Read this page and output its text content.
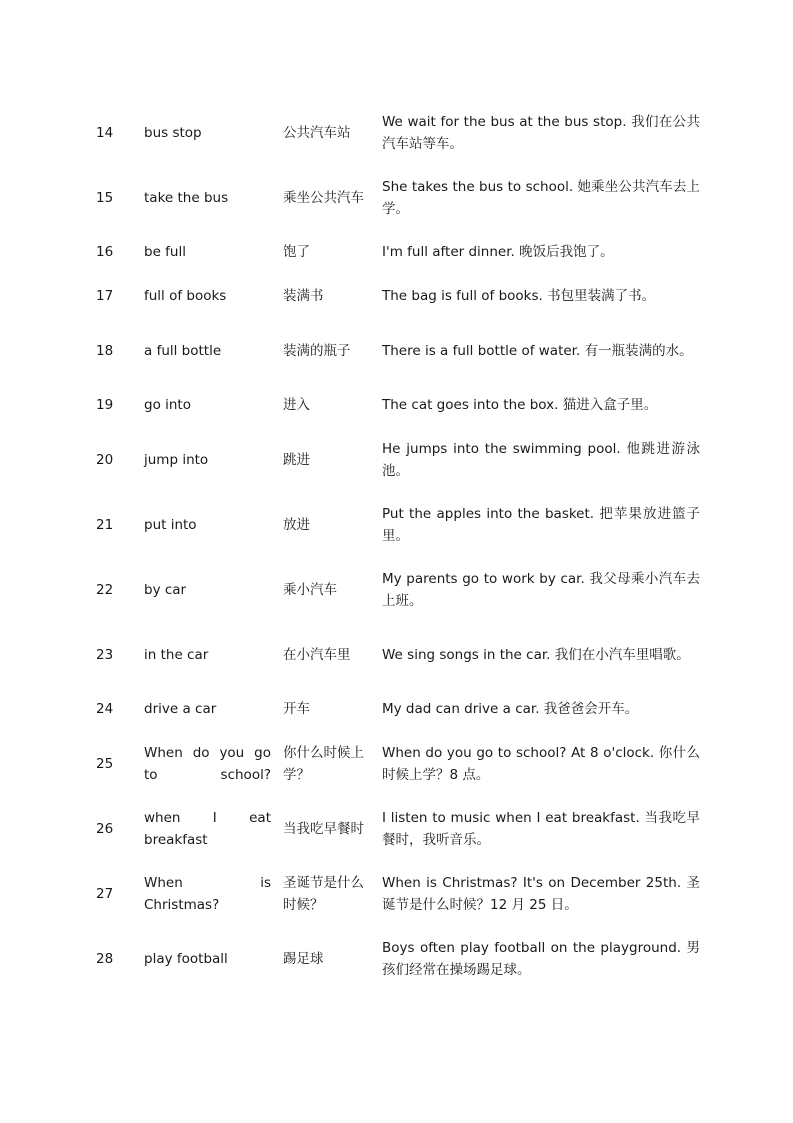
14	bus stop	公共汽车站	We wait for the bus at the bus stop. 我们在公共汽车站等车。
15	take the bus	乘坐公共汽车	She takes the bus to school. 她乘坐公共汽车去上学。
16	be full	饱了	I'm full after dinner. 晚饭后我饱了。
17	full of books	装满书	The bag is full of books. 书包里装满了书。
18	a full bottle	装满的瓶子	There is a full bottle of water. 有一瓶装满的水。
19	go into	进入	The cat goes into the box. 猫进入盒子里。
20	jump into	跳进	He jumps into the swimming pool. 他跳进游泳池。
21	put into	放进	Put the apples into the basket. 把苹果放进篮子里。
22	by car	乘小汽车	My parents go to work by car. 我父母乘小汽车去上班。
23	in the car	在小汽车里	We sing songs in the car. 我们在小汽车里唱歌。
24	drive a car	开车	My dad can drive a car. 我爸爸会开车。
25	When do you go to school?	你什么时候上学？	When do you go to school? At 8 o'clock. 你什么时候上学？8 点。
26	when I eat breakfast	当我吃早餐时	I listen to music when I eat breakfast. 当我吃早餐时，我听音乐。
27	When is Christmas?	圣诞节是什么时候？	When is Christmas? It's on December 25th. 圣诞节是什么时候？12 月 25 日。
28	play football	踢足球	Boys often play football on the playground. 男孩们经常在操场踢足球。
